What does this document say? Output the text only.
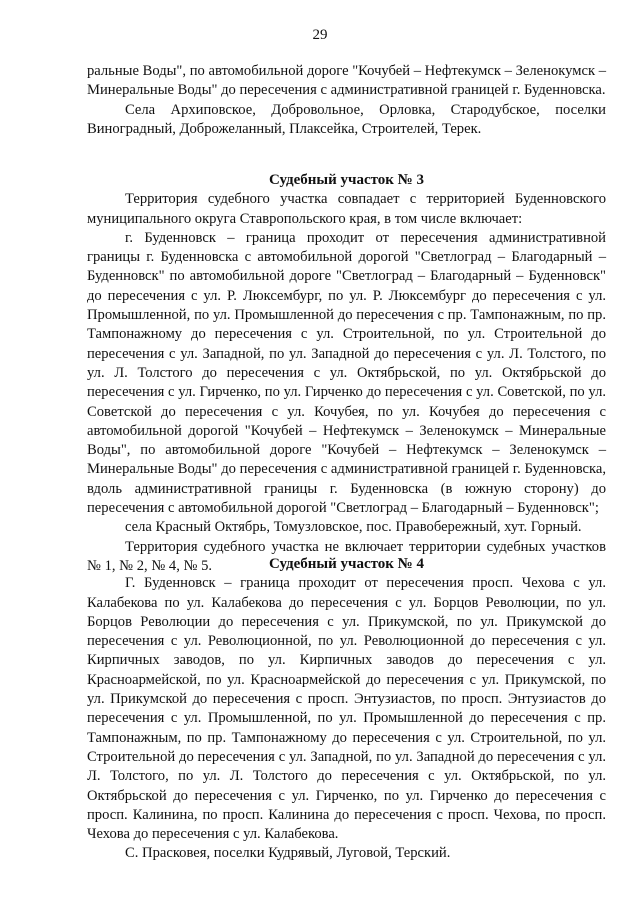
29

ральные Воды", по автомобильной дороге "Кочубей – Нефтекумск – Зеленокумск – Минеральные Воды" до пересечения с административной границей г. Буденновска.

Села Архиповское, Добровольное, Орловка, Стародубское, поселки Виноградный, Доброжеланный, Плаксейка, Строителей, Терек.

Судебный участок № 3

Территория судебного участка совпадает с территорией Буденновского муниципального округа Ставропольского края, в том числе включает:

г. Буденновск – граница проходит от пересечения административной границы г. Буденновска с автомобильной дорогой "Светлоград – Благодарный – Буденновск" по автомобильной дороге "Светлоград – Благодарный – Буденновск" до пересечения с ул. Р. Люксембург, по ул. Р. Люксембург до пересечения с ул. Промышленной, по ул. Промышленной до пересечения с пр. Тампонажным, по пр. Тампонажному до пересечения с ул. Строительной, по ул. Строительной до пересечения с ул. Западной, по ул. Западной до пересечения с ул. Л. Толстого, по ул. Л. Толстого до пересечения с ул. Октябрьской, по ул. Октябрьской до пересечения с ул. Гирченко, по ул. Гирченко до пересечения с ул. Советской, по ул. Советской до пересечения с ул. Кочубея, по ул. Кочубея до пересечения с автомобильной дорогой "Кочубей – Нефтекумск – Зеленокумск – Минеральные Воды", по автомобильной дороге "Кочубей – Нефтекумск – Зеленокумск – Минеральные Воды" до пересечения с административной границей г. Буденновска, вдоль административной границы г. Буденновска (в южную сторону) до пересечения с автомобильной дорогой "Светлоград – Благодарный – Буденновск";

села Красный Октябрь, Томузловское, пос. Правобережный, хут. Горный.

Территория судебного участка не включает территории судебных участков № 1, № 2, № 4, № 5.	Судебный участок № 4

Г. Буденновск – граница проходит от пересечения просп. Чехова с ул. Калабекова по ул. Калабекова до пересечения с ул. Борцов Революции, по ул. Борцов Революции до пересечения с ул. Прикумской, по ул. Прикумской до пересечения с ул. Революционной, по ул. Революционной до пересечения с ул. Кирпичных заводов, по ул. Кирпичных заводов до пересечения с ул. Красноармейской, по ул. Красноармейской до пересечения с ул. Прикумской, по ул. Прикумской до пересечения с просп. Энтузиастов, по просп. Энтузиастов до пересечения с ул. Промышленной, по ул. Промышленной до пересечения с пр. Тампонажным, по пр. Тампонажному до пересечения с ул. Строительной, по ул. Строительной до пересечения с ул. Западной, по ул. Западной до пересечения с ул. Л. Толстого, по ул. Л. Толстого до пересечения с ул. Октябрьской, по ул. Октябрьской до пересечения с ул. Гирченко, по ул. Гирченко до пересечения с просп. Калинина, по просп. Калинина до пересечения с просп. Чехова, по просп. Чехова до пересечения с ул. Калабекова.

С. Прасковея, поселки Кудрявый, Луговой, Терский.
